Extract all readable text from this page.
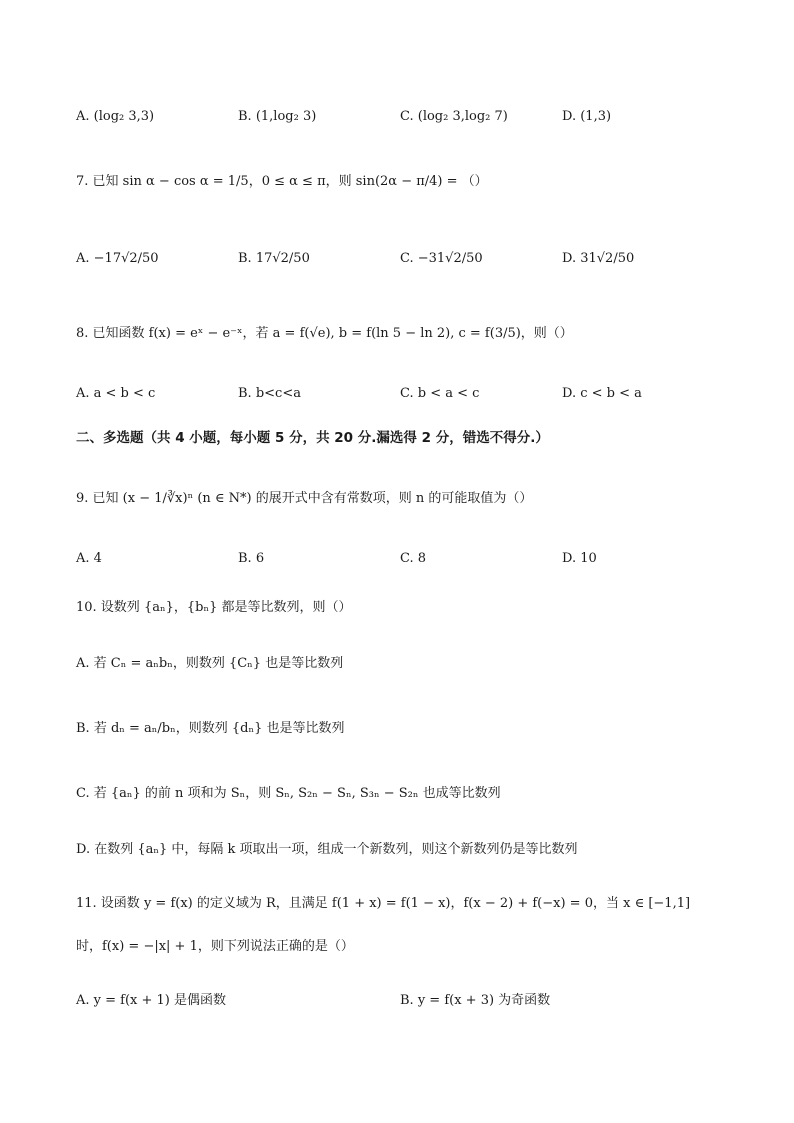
A. (log₂ 3,3)	B. (1,log₂ 3)	C. (log₂ 3,log₂ 7)	D. (1,3)
7. 已知 sin α − cos α = 1/5，0 ≤ α ≤ π，则 sin(2α − π/4) = （）
A. −17√2/50	B. 17√2/50	C. −31√2/50	D. 31√2/50
8. 已知函数 f(x) = eˣ − e⁻ˣ，若 a = f(√e), b = f(ln 5 − ln 2), c = f(3/5)，则（）
A. a < b < c	B. b<c<a	C. b < a < c	D. c < b < a
二、多选题（共 4 小题，每小题 5 分，共 20 分.漏选得 2 分，错选不得分.）
9. 已知 (x − 1/∛x)ⁿ (n ∈ N*) 的展开式中含有常数项，则 n 的可能取值为（）
A. 4	B. 6	C. 8	D. 10
10. 设数列 {aₙ}，{bₙ} 都是等比数列，则（）
A. 若 Cₙ = aₙbₙ，则数列 {Cₙ} 也是等比数列
B. 若 dₙ = aₙ/bₙ，则数列 {dₙ} 也是等比数列
C. 若 {aₙ} 的前 n 项和为 Sₙ，则 Sₙ, S₂ₙ − Sₙ, S₃ₙ − S₂ₙ 也成等比数列
D. 在数列 {aₙ} 中，每隔 k 项取出一项，组成一个新数列，则这个新数列仍是等比数列
11. 设函数 y = f(x) 的定义域为 R，且满足 f(1 + x) = f(1 − x)，f(x − 2) + f(−x) = 0，当 x ∈ [−1,1]
时，f(x) = −|x| + 1，则下列说法正确的是（）
A. y = f(x + 1) 是偶函数	B. y = f(x + 3) 为奇函数
